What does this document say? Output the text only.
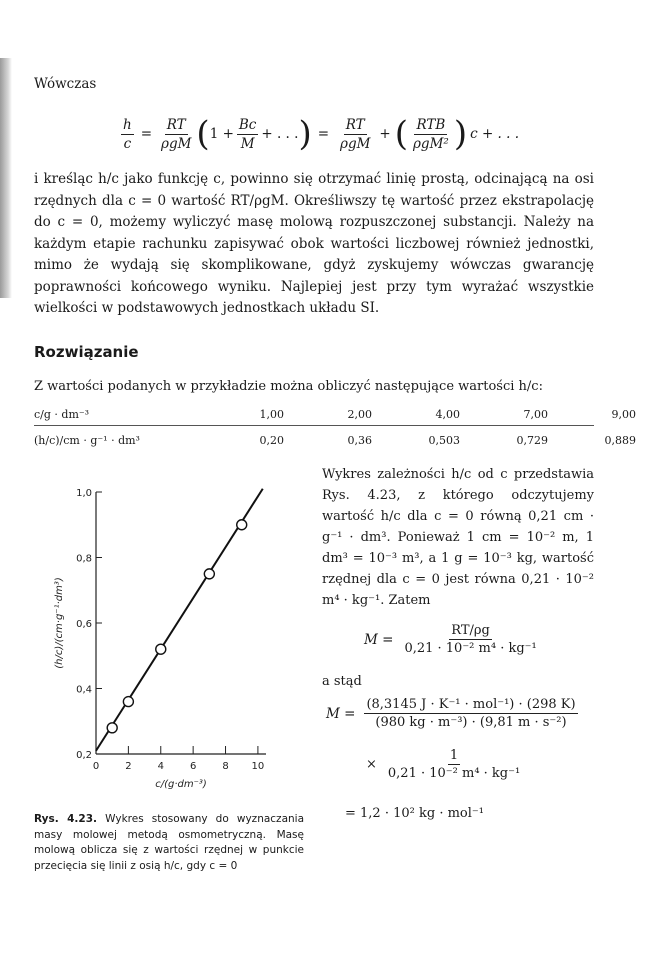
Wówczas
$\frac{h}{c} = \frac{RT}{\text{ρgM}}$ ( $1 + \frac{Bc}{M}$ + . . . ) = $\frac{RT}{\text{ρgM}}$ + ( $\frac{\text{RTB}}{\text{ρgM²}}$ ) c + . . .
i kreśląc h/c jako funkcję c, powinno się otrzymać linię prostą, odcinającą na osi rzędnych dla c = 0 wartość RT/ρgM. Określiwszy tę wartość przez ekstrapolację do c = 0, możemy wyliczyć masę molową rozpuszczonej substancji. Należy na każdym etapie rachunku zapisywać obok wartości liczbowej również jednostki, mimo że wydają się skomplikowane, gdyż zyskujemy wówczas gwarancję poprawności końcowego wyniku. Najlepiej jest przy tym wyrażać wszystkie wielkości w podstawowych jednostkach układu SI.
Rozwiązanie
Z wartości podanych w przykładzie można obliczyć następujące wartości h/c:
c/g · dm⁻³	1,00	2,00	4,00	7,00	9,00
(h/c)/cm · g⁻¹ · dm³	0,20	0,36	0,503	0,729	0,889
0,2
0,4
0,6
0,8
1,0
0	2	4	6	8 10
c/(g·dm⁻³)
(h/c)/(cm·g⁻¹·dm³)
Rys. 4.23. Wykres stosowany do wyznaczania masy molowej metodą osmometryczną. Masę molową oblicza się z wartości rzędnej w punkcie przecięcia się linii z osią h/c, gdy c = 0
Wykres zależności h/c od c przedstawia Rys. 4.23, z którego odczytujemy wartość h/c dla c = 0 równą 0,21 cm · g⁻¹ · dm³. Ponieważ 1 cm = 10⁻² m, 1 dm³ = 10⁻³ m³, a 1 g = 10⁻³ kg, wartość rzędnej dla c = 0 jest równa 0,21 · 10⁻² m⁴ · kg⁻¹. Zatem
$M = \frac{RT/\rho g}{\text{0,21 · 10⁻² m⁴ · kg⁻¹}}$
a stąd
$M = \frac{\text{(8,3145 J · K⁻¹ · mol⁻¹) · (298 K)}}{\text{(980 kg · m⁻³) · (9,81 m · s⁻²)}}$
× $\frac{1}{\text{0,21 · 10⁻² m⁴ · kg⁻¹}}$
= 1,2 · 10² kg · mol⁻¹
